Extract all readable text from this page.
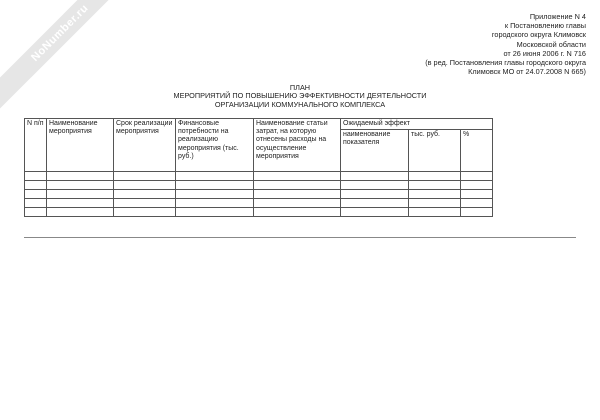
NoNumber.ru	Приложение N 4
к Постановлению главы
городского округа Климовск
Московской области
от 26 июня 2006 г. N 716
(в ред. Постановления главы городского округа
Климовск МО от 24.07.2008 N 665)
ПЛАН
МЕРОПРИЯТИЙ ПО ПОВЫШЕНИЮ ЭФФЕКТИВНОСТИ ДЕЯТЕЛЬНОСТИ
ОРГАНИЗАЦИИ КОММУНАЛЬНОГО КОМПЛЕКСА
N п/п	Наименование мероприятия	Срок реализации мероприятия	Финансовые потребности на реализацию мероприятия (тыс. руб.)	Наименование статьи затрат, на которую отнесены расходы на осуществление мероприятия	Ожидаемый эффект		
					наименование показателя	тыс. руб.	%
